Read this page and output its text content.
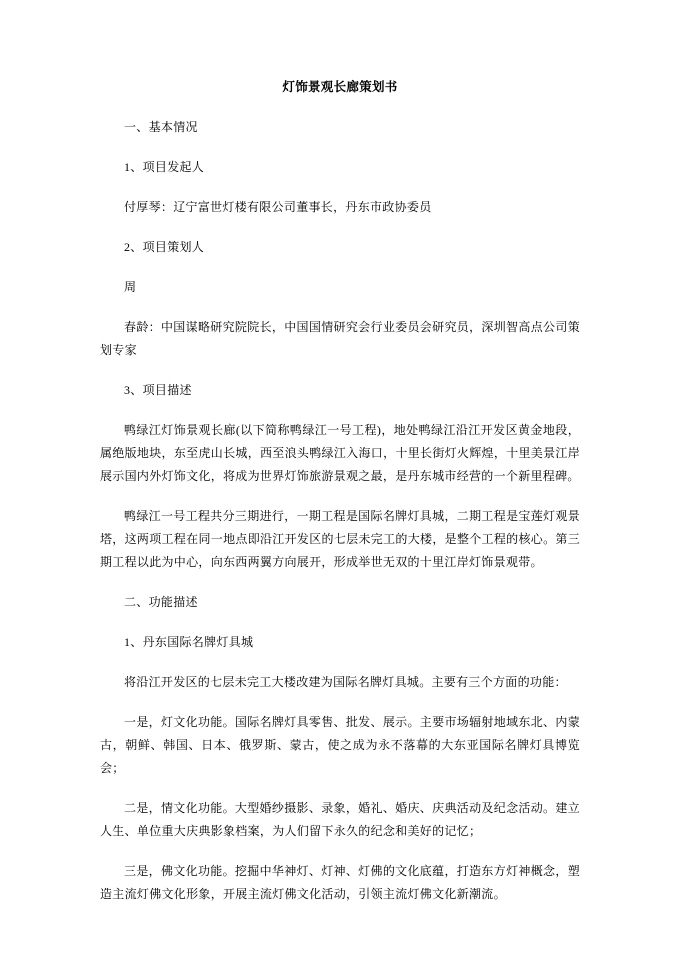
灯饰景观长廊策划书

一、基本情况

1、项目发起人

付厚琴：辽宁富世灯楼有限公司董事长，丹东市政协委员

2、项目策划人

周

春龄：中国谋略研究院院长，中国国情研究会行业委员会研究员，深圳智高点公司策划专家

3、项目描述

鸭绿江灯饰景观长廊(以下简称鸭绿江一号工程)，地处鸭绿江沿江开发区黄金地段，属绝版地块，东至虎山长城，西至浪头鸭绿江入海口，十里长街灯火辉煌，十里美景江岸展示国内外灯饰文化，将成为世界灯饰旅游景观之最，是丹东城市经营的一个新里程碑。

鸭绿江一号工程共分三期进行，一期工程是国际名牌灯具城，二期工程是宝莲灯观景塔，这两项工程在同一地点即沿江开发区的七层未完工的大楼，是整个工程的核心。第三期工程以此为中心，向东西两翼方向展开，形成举世无双的十里江岸灯饰景观带。

二、功能描述

1、丹东国际名牌灯具城

将沿江开发区的七层未完工大楼改建为国际名牌灯具城。主要有三个方面的功能：

一是，灯文化功能。国际名牌灯具零售、批发、展示。主要市场辐射地域东北、内蒙古，朝鲜、韩国、日本、俄罗斯、蒙古，使之成为永不落幕的大东亚国际名牌灯具博览会；

二是，情文化功能。大型婚纱摄影、录象，婚礼、婚庆、庆典活动及纪念活动。建立人生、单位重大庆典影象档案，为人们留下永久的纪念和美好的记忆；

三是，佛文化功能。挖掘中华神灯、灯神、灯佛的文化底蕴，打造东方灯神概念，塑造主流灯佛文化形象，开展主流灯佛文化活动，引领主流灯佛文化新潮流。
